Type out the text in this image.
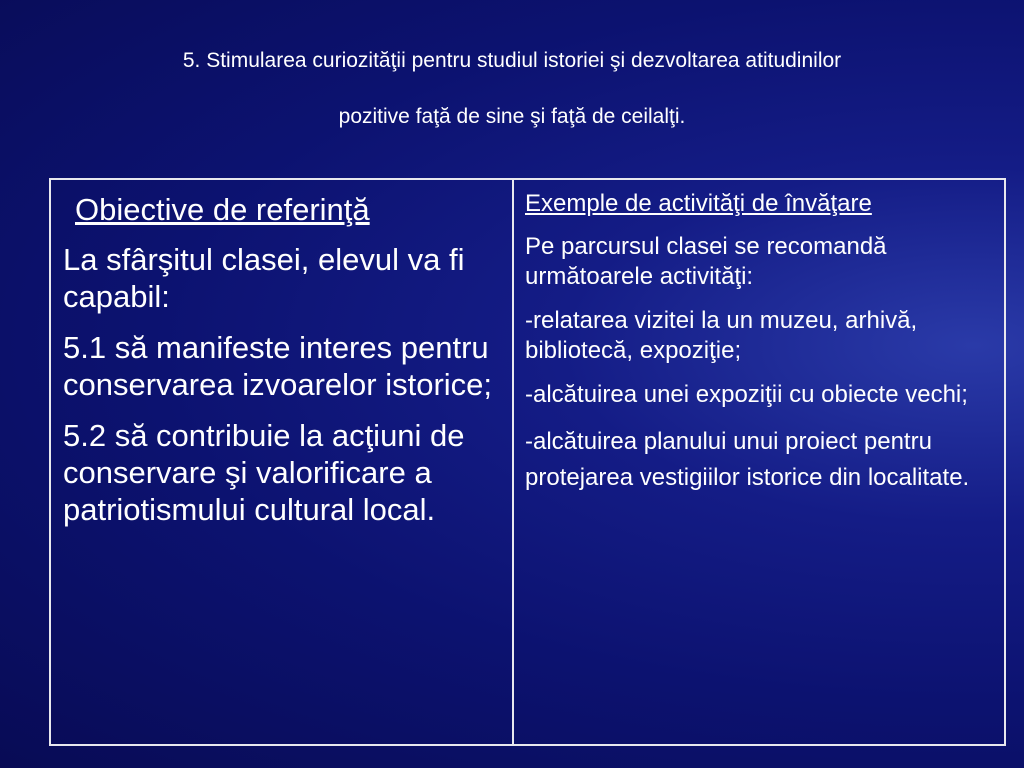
5. Stimularea curiozităţii pentru studiul istoriei şi dezvoltarea atitudinilor
pozitive faţă de sine şi faţă de ceilalţi.
Obiective de referinţă
La sfârşitul clasei, elevul va fi capabil:
5.1 să manifeste interes pentru conservarea izvoarelor istorice;
5.2 să contribuie la acţiuni de conservare şi valorificare a patriotismului cultural local.
Exemple de activităţi de învăţare
Pe parcursul clasei se recomandă următoarele activităţi:
-relatarea vizitei la un muzeu, arhivă, bibliotecă, expoziţie;
-alcătuirea unei expoziţii cu obiecte vechi;
-alcătuirea planului unui proiect pentru protejarea vestigiilor istorice din localitate.
